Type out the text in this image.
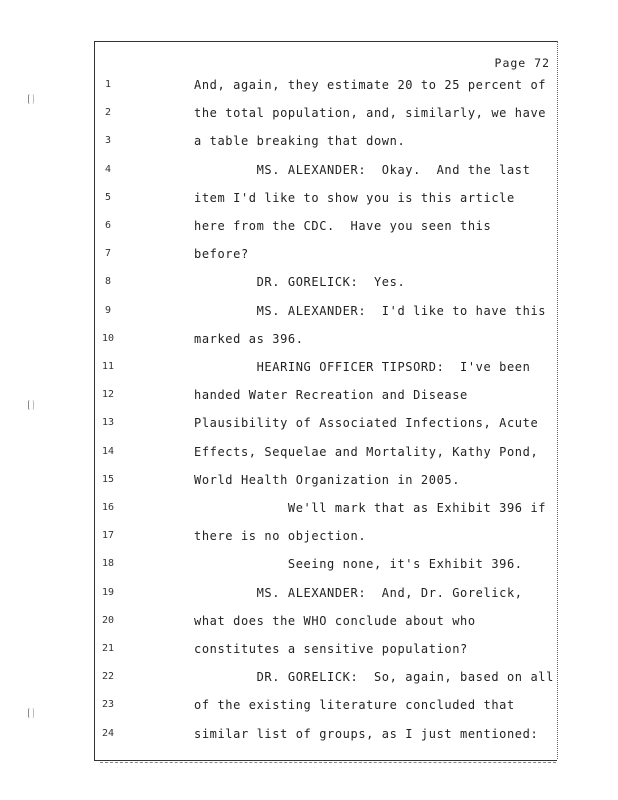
Page 72
1	And, again, they estimate 20 to 25 percent of
2	the total population, and, similarly, we have
3	a table breaking that down.
4	MS. ALEXANDER:  Okay.  And the last
5	item I'd like to show you is this article
6	here from the CDC.  Have you seen this
7	before?
8	DR. GORELICK:  Yes.
9	MS. ALEXANDER:  I'd like to have this
10	marked as 396.
11	HEARING OFFICER TIPSORD:  I've been
12	handed Water Recreation and Disease
13	Plausibility of Associated Infections, Acute
14	Effects, Sequelae and Mortality, Kathy Pond,
15	World Health Organization in 2005.
16	We'll mark that as Exhibit 396 if
17	there is no objection.
18	Seeing none, it's Exhibit 396.
19	MS. ALEXANDER:  And, Dr. Gorelick,
20	what does the WHO conclude about who
21	constitutes a sensitive population?
22	DR. GORELICK:  So, again, based on all
23	of the existing literature concluded that
24	similar list of groups, as I just mentioned:
